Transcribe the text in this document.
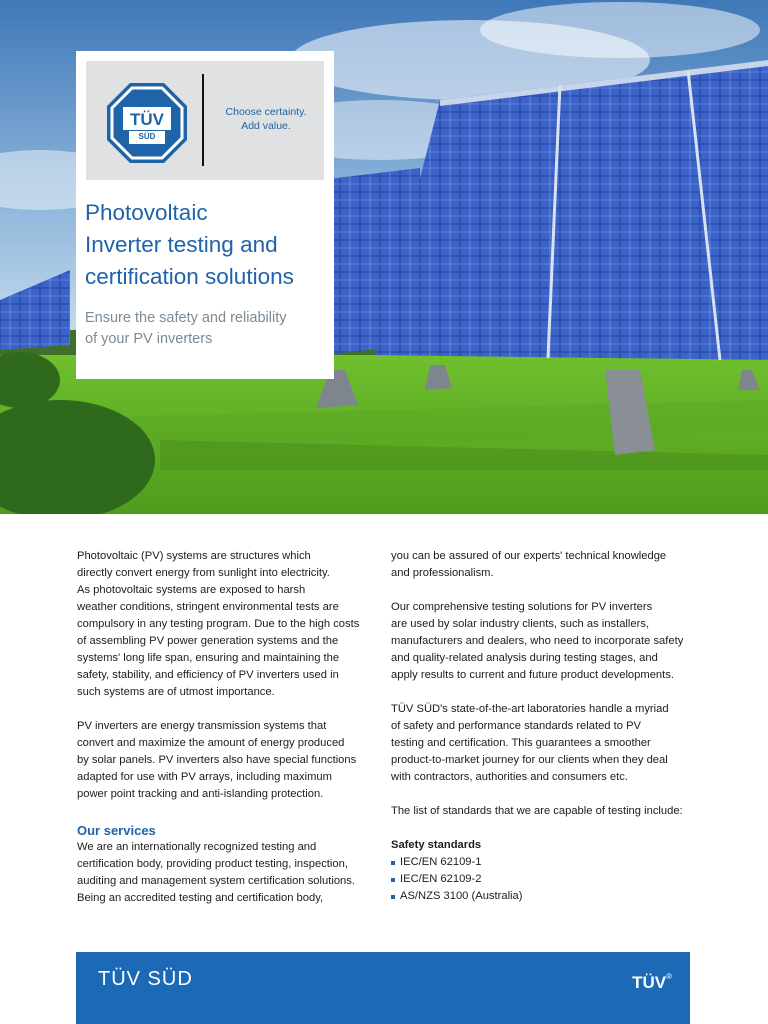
TÜV
SÜD
Choose certainty.
Add value.
Photovoltaic
Inverter testing and
certification solutions

Ensure the safety and reliability
of your PV inverters

Photovoltaic (PV) systems are structures which
directly convert energy from sunlight into electricity.
As photovoltaic systems are exposed to harsh
weather conditions, stringent environmental tests are
compulsory in any testing program. Due to the high costs
of assembling PV power generation systems and the
systems' long life span, ensuring and maintaining the
safety, stability, and efficiency of PV inverters used in
such systems are of utmost importance.

PV inverters are energy transmission systems that
convert and maximize the amount of energy produced
by solar panels. PV inverters also have special functions
adapted for use with PV arrays, including maximum
power point tracking and anti-islanding protection.

Our services

We are an internationally recognized testing and
certification body, providing product testing, inspection,
auditing and management system certification solutions.
Being an accredited testing and certification body,

you can be assured of our experts' technical knowledge
and professionalism.

Our comprehensive testing solutions for PV inverters
are used by solar industry clients, such as installers,
manufacturers and dealers, who need to incorporate safety
and quality-related analysis during testing stages, and
apply results to current and future product developments.

TÜV SÜD's state-of-the-art laboratories handle a myriad
of safety and performance standards related to PV
testing and certification. This guarantees a smoother
product-to-market journey for our clients when they deal
with contractors, authorities and consumers etc.

The list of standards that we are capable of testing include:

Safety standards
IEC/EN 62109-1
IEC/EN 62109-2
AS/NZS 3100 (Australia)
TÜV SÜD	TÜV®
